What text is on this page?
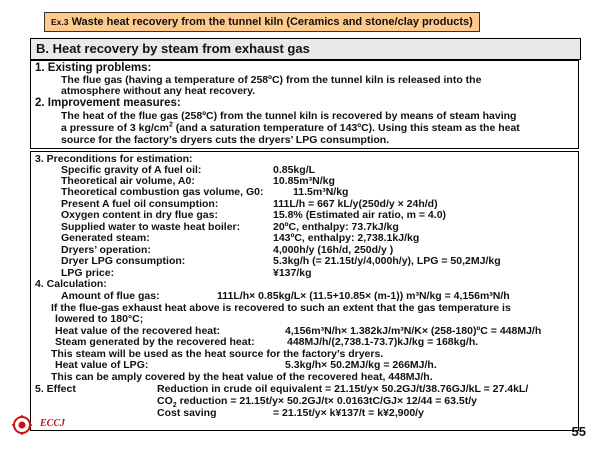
Ex.3 Waste heat recovery from the tunnel kiln (Ceramics and stone/clay products)
B. Heat recovery by steam from exhaust gas
1. Existing problems:
The flue gas (having a temperature of 258ºC) from the tunnel kiln is released into the
atmosphere without any heat recovery.
2. Improvement measures:
The heat of the flue gas (258ºC) from the tunnel kiln is recovered by means of steam having
a pressure of 3 $kg/cm^2$ (and a saturation temperature of 143ºC). Using this steam as the heat
source for the factory’s dryers cuts the dryers’ LPG consumption.
3. Preconditions for estimation:
Specific gravity of A fuel oil:	0.85kg/L
Theoretical air volume, A0:	10.85m³N/kg
Theoretical combustion gas volume, G0:	11.5m³N/kg
Present A fuel oil consumption:	111L/h = 667 kL/y(250d/y × 24h/d)
Oxygen content in dry flue gas:	15.8% (Estimated air ratio, m = 4.0)
Supplied water to waste heat boiler:	20ºC, enthalpy: 73.7kJ/kg
Generated steam:	143ºC, enthalpy: 2,738.1kJ/kg
Dryers’ operation:	4,000h/y (16h/d, 250d/y )
Dryer LPG consumption:	5.3kg/h (= 21.15t/y/4,000h/y), LPG = 50,2MJ/kg
LPG price:	¥137/kg
4. Calculation:
Amount of flue gas:	111L/h× 0.85kg/L× (11.5+10.85× (m-1)) m³N/kg = 4,156m³N/h
If the flue-gas exhaust heat above is recovered to such an extent that the gas temperature is
lowered to 180°C;
Heat value of the recovered heat:	4,156m³N/h× 1.382kJ/m³N/K× (258-180)ºC = 448MJ/h
Steam generated by the recovered heat:	448MJ/h/(2,738.1-73.7)kJ/kg = 168kg/h.
This steam will be used as the heat source for the factory’s dryers.
Heat value of LPG:	5.3kg/h× 50.2MJ/kg = 266MJ/h.
This can be amply covered by the heat value of the recovered heat, 448MJ/h.
5. Effect	Reduction in crude oil equivalent = 21.15t/y× 50.2GJ/t/38.76GJ/kL = 27.4kL/
$CO_2$ reduction = 21.15t/y× 50.2GJ/t× 0.0163tC/GJ× 12/44 = 63.5t/y
Cost saving	= 21.15t/y× k¥137/t = k¥2,900/y
ECCJ
55
